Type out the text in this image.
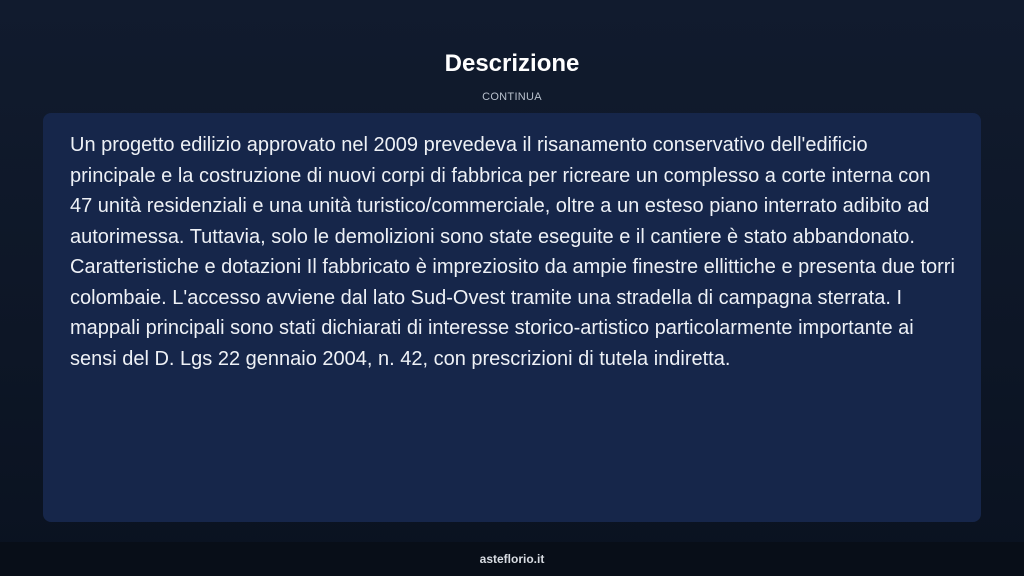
Descrizione
CONTINUA

Un progetto edilizio approvato nel 2009 prevedeva il risanamento conservativo dell'edificio principale e la costruzione di nuovi corpi di fabbrica per ricreare un complesso a corte interna con 47 unità residenziali e una unità turistico/commerciale, oltre a un esteso piano interrato adibito ad autorimessa. Tuttavia, solo le demolizioni sono state eseguite e il cantiere è stato abbandonato. Caratteristiche e dotazioni Il fabbricato è impreziosito da ampie finestre ellittiche e presenta due torri colombaie. L'accesso avviene dal lato Sud-Ovest tramite una stradella di campagna sterrata. I mappali principali sono stati dichiarati di interesse storico-artistico particolarmente importante ai sensi del D. Lgs 22 gennaio 2004, n. 42, con prescrizioni di tutela indiretta.

asteflorio.it
